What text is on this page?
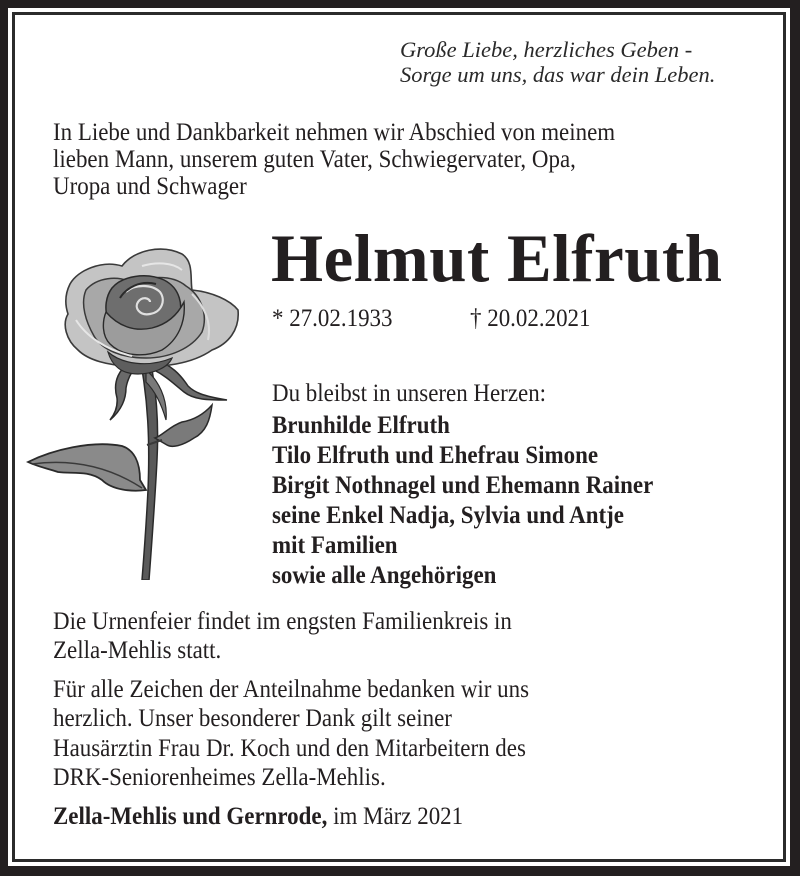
Große Liebe, herzliches Geben -
Sorge um uns, das war dein Leben.
In Liebe und Dankbarkeit nehmen wir Abschied von meinem
lieben Mann, unserem guten Vater, Schwiegervater, Opa,
Uropa und Schwager
Helmut Elfruth
* 27.02.1933	† 20.02.2021
Du bleibst in unseren Herzen:
Brunhilde Elfruth
Tilo Elfruth und Ehefrau Simone
Birgit Nothnagel und Ehemann Rainer
seine Enkel Nadja, Sylvia und Antje
mit Familien
sowie alle Angehörigen
Die Urnenfeier findet im engsten Familienkreis in
Zella-Mehlis statt.
Für alle Zeichen der Anteilnahme bedanken wir uns
herzlich. Unser besonderer Dank gilt seiner
Hausärztin Frau Dr. Koch und den Mitarbeitern des
DRK-Seniorenheimes Zella-Mehlis.
Zella-Mehlis und Gernrode, im März 2021
